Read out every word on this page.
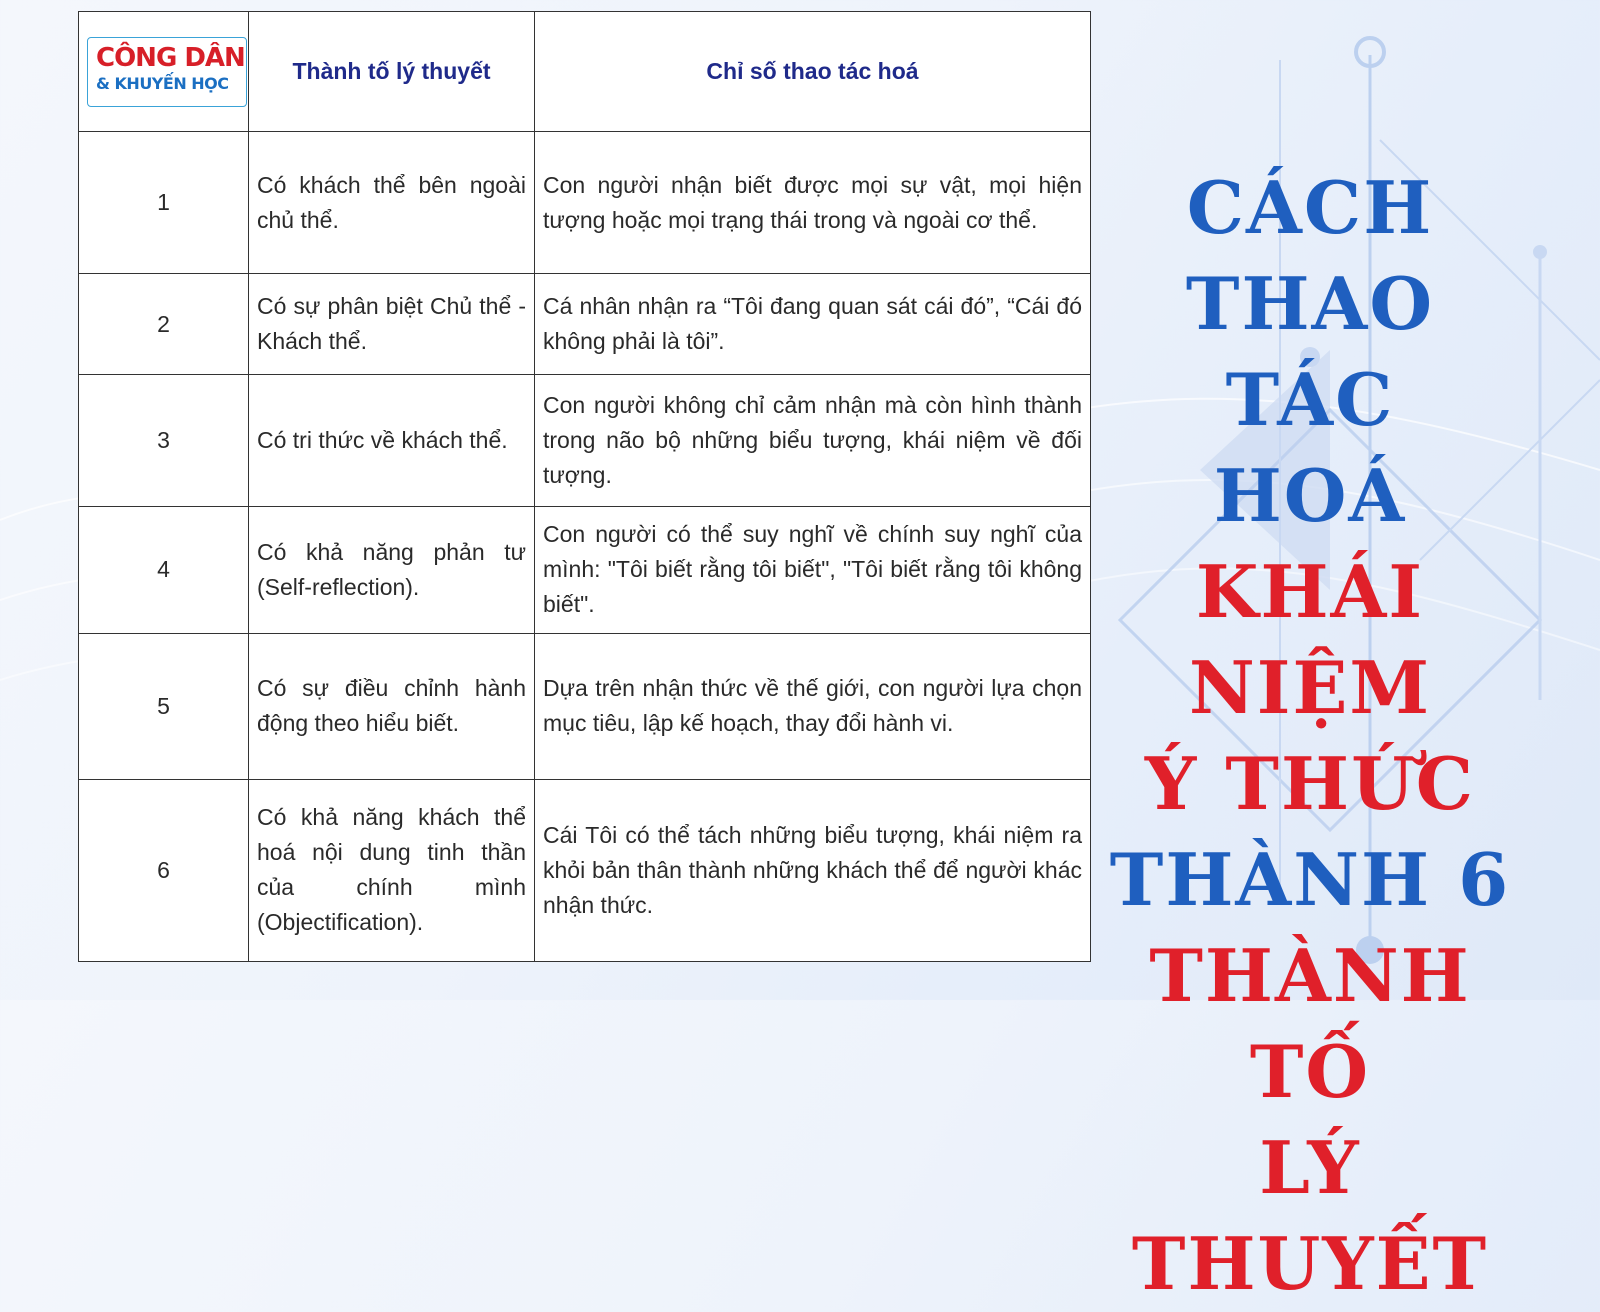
CÔNG DÂN
& KHUYẾN HỌC	Thành tố lý thuyết	Chỉ số thao tác hoá
1	Có khách thể bên ngoài chủ thể.	Con người nhận biết được mọi sự vật, mọi hiện tượng hoặc mọi trạng thái trong và ngoài cơ thể.
2	Có sự phân biệt Chủ thể - Khách thể.	Cá nhân nhận ra “Tôi đang quan sát cái đó”, “Cái đó không phải là tôi”.
3	Có tri thức về khách thể.	Con người không chỉ cảm nhận mà còn hình thành trong não bộ những biểu tượng, khái niệm về đối tượng.
4	Có khả năng phản tư (Self-reflection).	Con người có thể suy nghĩ về chính suy nghĩ của mình: "Tôi biết rằng tôi biết", "Tôi biết rằng tôi không biết".
5	Có sự điều chỉnh hành động theo hiểu biết.	Dựa trên nhận thức về thế giới, con người lựa chọn mục tiêu, lập kế hoạch, thay đổi hành vi.
6	Có khả năng khách thể hoá nội dung tinh thần của chính mình (Objectification).	Cái Tôi có thể tách những biểu tượng, khái niệm ra khỏi bản thân thành những khách thể để người khác nhận thức.
CÁCH
THAO TÁC
HOÁ
KHÁI NIỆM
Ý THỨC
THÀNH 6
THÀNH TỐ
LÝ THUYẾT
